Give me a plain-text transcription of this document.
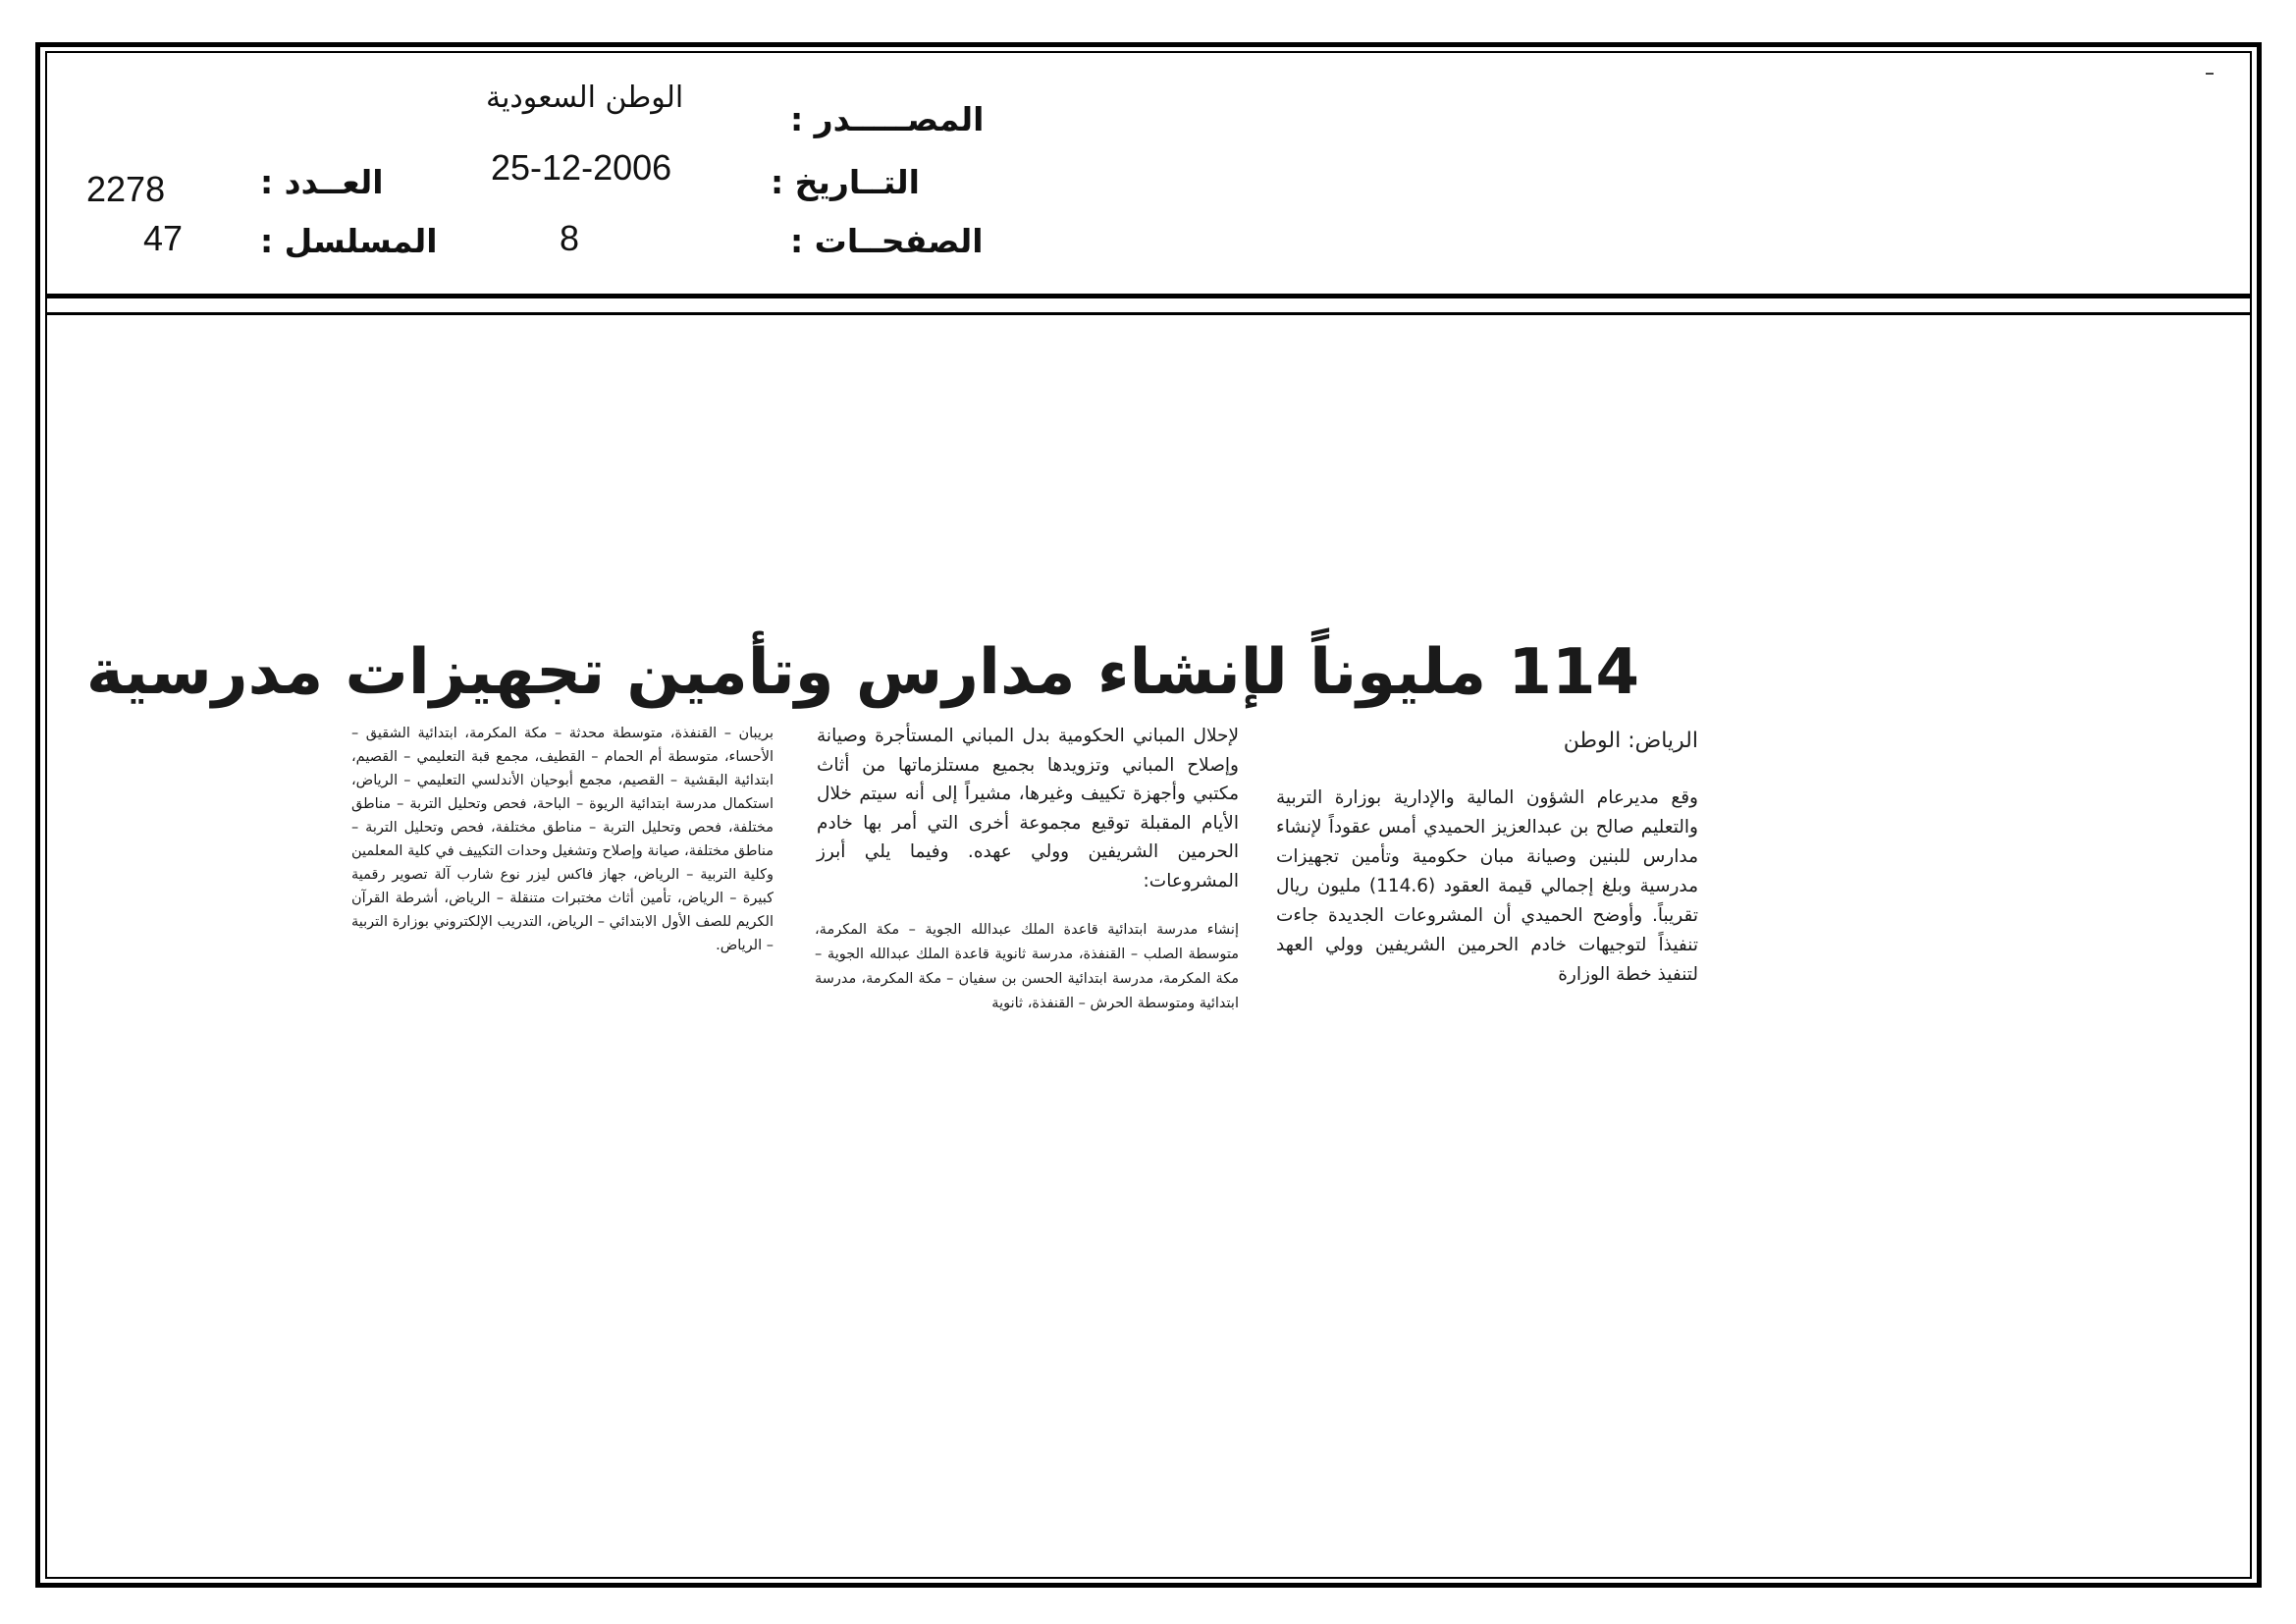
المصـــــدر :
الوطن السعودية
التــاريخ :
25-12-2006
الصفحــات :
8
العــدد :
2278
المسلسل :
47
114 مليوناً لإنشاء مدارس وتأمين تجهيزات مدرسية
الرياض: الوطن

وقع مديرعام الشؤون المالية والإدارية بوزارة التربية والتعليم صالح بن عبدالعزيز الحميدي أمس عقوداً لإنشاء مدارس للبنين وصيانة مبان حكومية وتأمين تجهيزات مدرسية وبلغ إجمالي قيمة العقود (114.6) مليون ريال تقريباً. وأوضح الحميدي أن المشروعات الجديدة جاءت تنفيذاً لتوجيهات خادم الحرمين الشريفين وولي العهد لتنفيذ خطة الوزارة

لإحلال المباني الحكومية بدل المباني المستأجرة وصيانة وإصلاح المباني وتزويدها بجميع مستلزماتها من أثاث مكتبي وأجهزة تكييف وغيرها، مشيراً إلى أنه سيتم خلال الأيام المقبلة توقيع مجموعة أخرى التي أمر بها خادم الحرمين الشريفين وولي عهده. وفيما يلي أبرز المشروعات:

إنشاء مدرسة ابتدائية قاعدة الملك عبدالله الجوية – مكة المكرمة، متوسطة الصلب – القنفذة، مدرسة ثانوية قاعدة الملك عبدالله الجوية – مكة المكرمة، مدرسة ابتدائية الحسن بن سفيان – مكة المكرمة، مدرسة ابتدائية ومتوسطة الحرش – القنفذة، ثانوية

بريبان – القنفذة، متوسطة محدثة – مكة المكرمة، ابتدائية الشقيق – الأحساء، متوسطة أم الحمام – القطيف، مجمع قبة التعليمي – القصيم، ابتدائية البقشية – القصيم، مجمع أبوحيان الأندلسي التعليمي – الرياض، استكمال مدرسة ابتدائية الريوة – الباحة، فحص وتحليل التربة – مناطق مختلفة، فحص وتحليل التربة – مناطق مختلفة، فحص وتحليل التربة – مناطق مختلفة، صيانة وإصلاح وتشغيل وحدات التكييف في كلية المعلمين وكلية التربية – الرياض، جهاز فاكس ليزر نوع شارب آلة تصوير رقمية كبيرة – الرياض، تأمين أثاث مختبرات متنقلة – الرياض، أشرطة القرآن الكريم للصف الأول الابتدائي – الرياض، التدريب الإلكتروني بوزارة التربية – الرياض.
